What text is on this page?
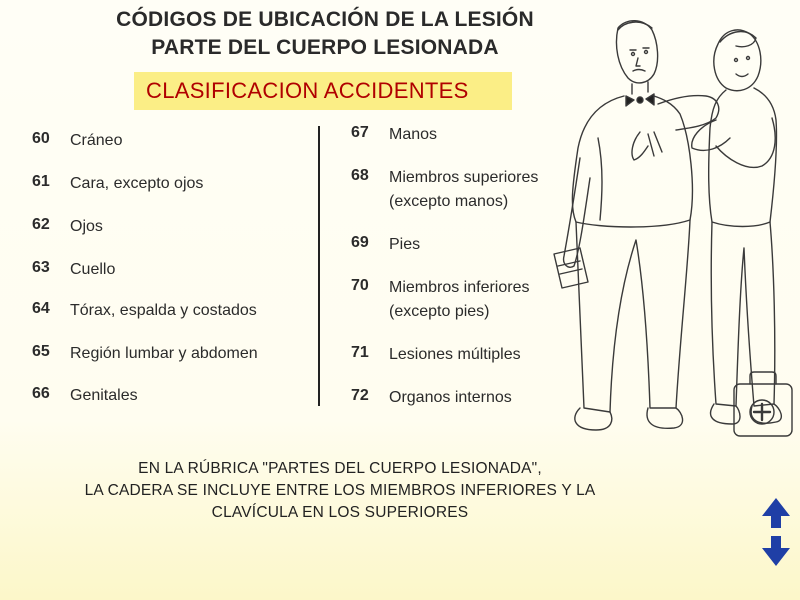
CÓDIGOS DE UBICACIÓN DE LA LESIÓN
PARTE DEL CUERPO LESIONADA
CLASIFICACION ACCIDENTES
60 Cráneo
61 Cara, excepto ojos
62 Ojos
63 Cuello
64 Tórax, espalda y costados
65 Región lumbar y abdomen
66 Genitales
67 Manos
68 Miembros superiores
(excepto manos)
69 Pies
70 Miembros inferiores
(excepto pies)
71 Lesiones múltiples
72 Organos internos
EN LA RÚBRICA "PARTES DEL CUERPO LESIONADA",
LA CADERA SE INCLUYE ENTRE LOS MIEMBROS INFERIORES Y LA
CLAVÍCULA EN LOS SUPERIORES
